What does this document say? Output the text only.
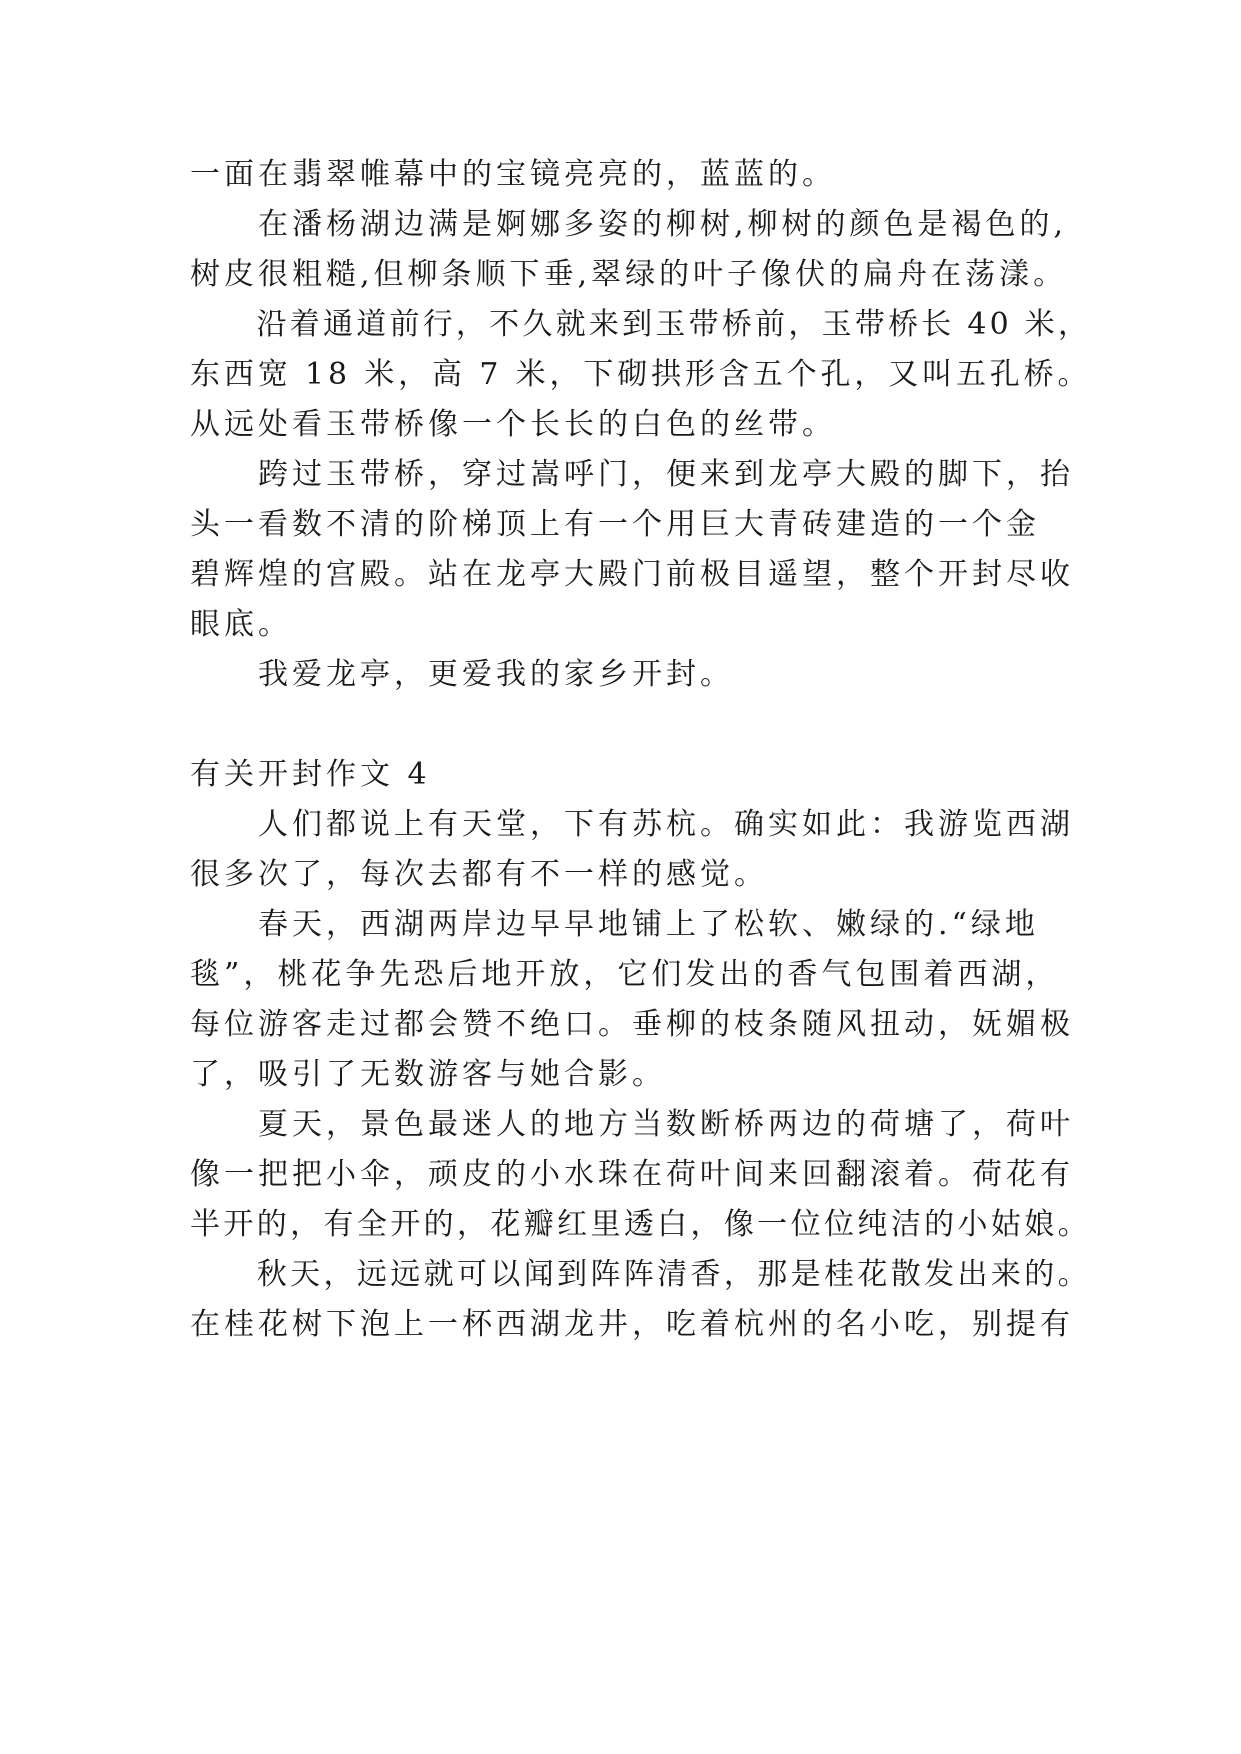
一面在翡翠帷幕中的宝镜亮亮的，蓝蓝的。
　　在潘杨湖边满是婀娜多姿的柳树,柳树的颜色是褐色的,
树皮很粗糙,但柳条顺下垂,翠绿的叶子像伏的扁舟在荡漾。
　　沿着通道前行，不久就来到玉带桥前，玉带桥长 40 米，
东西宽 18 米，高 7 米，下砌拱形含五个孔，又叫五孔桥。
从远处看玉带桥像一个长长的白色的丝带。
　　跨过玉带桥，穿过嵩呼门，便来到龙亭大殿的脚下，抬
头一看数不清的阶梯顶上有一个用巨大青砖建造的一个金
碧辉煌的宫殿。站在龙亭大殿门前极目遥望，整个开封尽收
眼底。
　　我爱龙亭，更爱我的家乡开封。
有关开封作文 4
　　人们都说上有天堂，下有苏杭。确实如此：我游览西湖
很多次了，每次去都有不一样的感觉。
　　春天，西湖两岸边早早地铺上了松软、嫩绿的.“绿地
毯”，桃花争先恐后地开放，它们发出的香气包围着西湖，
每位游客走过都会赞不绝口。垂柳的枝条随风扭动，妩媚极
了，吸引了无数游客与她合影。
　　夏天，景色最迷人的地方当数断桥两边的荷塘了，荷叶
像一把把小伞，顽皮的小水珠在荷叶间来回翻滚着。荷花有
半开的，有全开的，花瓣红里透白，像一位位纯洁的小姑娘。
　　秋天，远远就可以闻到阵阵清香，那是桂花散发出来的。
在桂花树下泡上一杯西湖龙井，吃着杭州的名小吃，别提有
